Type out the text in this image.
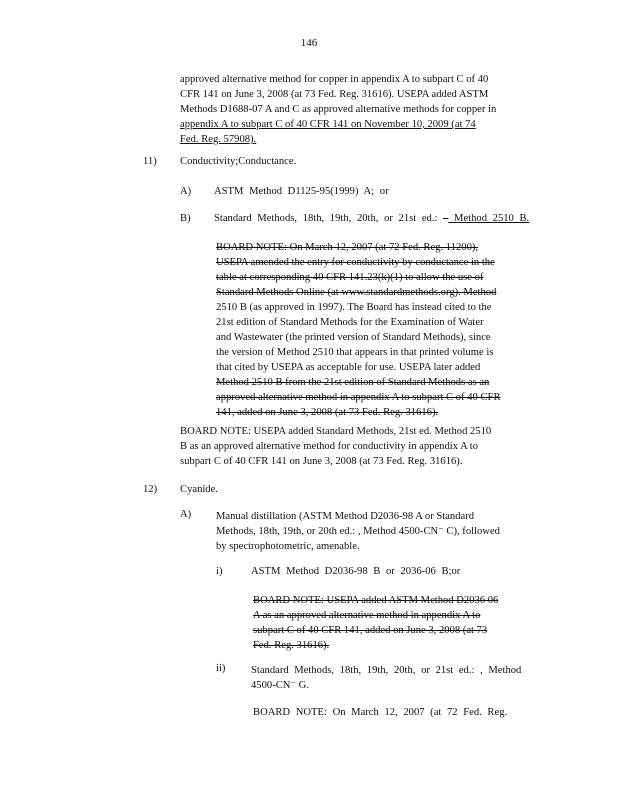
146
approved alternative method for copper in appendix A to subpart C of 40
CFR 141 on June 3, 2008 (at 73 Fed. Reg. 31616). USEPA added ASTM
Methods D1688-07 A and C as approved alternative methods for copper in
appendix A to subpart C of 40 CFR 141 on November 10, 2009 (at 74
Fed. Reg. 57908).
11) Conductivity;Conductance.
A) ASTM Method D1125-95(1999) A; or
B) Standard Methods, 18th, 19th, 20th, or 21st ed.: – Method 2510 B.
BOARD NOTE: On March 12, 2007 (at 72 Fed. Reg. 11200),
USEPA amended the entry for conductivity by conductance in the
table at corresponding 40 CFR 141.23(k)(1) to allow the use of
Standard Methods Online (at www.standardmethods.org). Method
2510 B (as approved in 1997). The Board has instead cited to the
21st edition of Standard Methods for the Examination of Water
and Wastewater (the printed version of Standard Methods), since
the version of Method 2510 that appears in that printed volume is
that cited by USEPA as acceptable for use. USEPA later added
Method 2510 B from the 21st edition of Standard Methods as an
approved alternative method in appendix A to subpart C of 40 CFR
141, added on June 3, 2008 (at 73 Fed. Reg. 31616).
BOARD NOTE: USEPA added Standard Methods, 21st ed. Method 2510
B as an approved alternative method for conductivity in appendix A to
subpart C of 40 CFR 141 on June 3, 2008 (at 73 Fed. Reg. 31616).
12) Cyanide.
A) Manual distillation (ASTM Method D2036-98 A or Standard
Methods, 18th, 19th, or 20th ed.: , Method 4500-CN⁻ C), followed
by spectrophotometric, amenable.
i)	ASTM Method D2036-98 B or 2036-06 B;or
BOARD NOTE: USEPA added ASTM Method D2036 06
A as an approved alternative method in appendix A to
subpart C of 40 CFR 141, added on June 3, 2008 (at 73
Fed. Reg. 31616).
ii) Standard Methods, 18th, 19th, 20th, or 21st ed.: , Method
4500-CN⁻ G.
BOARD NOTE: On March 12, 2007 (at 72 Fed. Reg.
